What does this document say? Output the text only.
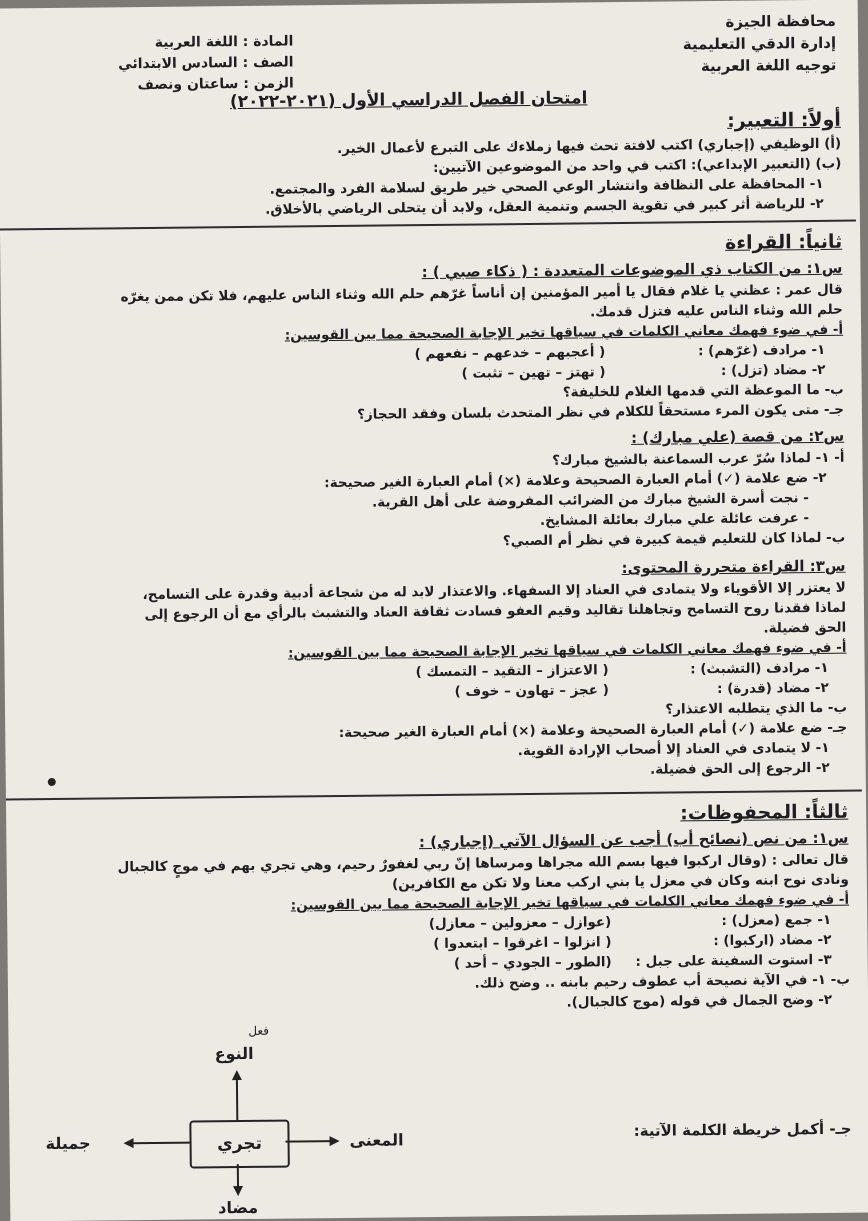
محافظة الجيزة
إدارة الدقي التعليمية
توجيه اللغة العربية
المادة : اللغة العربية
الصف : السادس الابتدائي
الزمن : ساعتان ونصف
امتحان الفصل الدراسي الأول (٢٠٢١-٢٠٢٢)
أولاً: التعبير:
(أ) الوظيفي (إجباري) اكتب لافتة تحث فيها زملاءك على التبرع لأعمال الخير.
(ب) (التعبير الإبداعي): اكتب في واحد من الموضوعين الآتيين:
١- المحافظة على النظافة وانتشار الوعي الصحي خير طريق لسلامة الفرد والمجتمع.
٢- للرياضة أثر كبير في تقوية الجسم وتنمية العقل، ولابد أن يتحلى الرياضي بالأخلاق.
ثانياً: القراءة
س١: من الكتاب ذي الموضوعات المتعددة : ( ذكاء صبي ) :
قال عمر : عظني يا غلام فقال يا أمير المؤمنين إن أناساً غرّهم حلم الله وثناء الناس عليهم، فلا تكن ممن يغرّه
حلم الله وثناء الناس عليه فتزل قدمك.
أ- في ضوء فهمك معاني الكلمات في سياقها تخير الإجابة الصحيحة مما بين القوسين:
١- مرادف (غرّهم) :
( أعجبهم – خدعهم – نفعهم )
٢- مضاد (تزل) :
( تهتز – تهين – تثبت )
ب- ما الموعظة التي قدمها الغلام للخليفة؟
جـ- متى يكون المرء مستحقاً للكلام في نظر المتحدث بلسان وفقد الحجاز؟
س٢: من قصة (علي مبارك) :
أ- ١- لماذا سُرّ عرب السماعنة بالشيخ مبارك؟
٢- ضع علامة (✓) أمام العبارة الصحيحة وعلامة (×) أمام العبارة الغير صحيحة:
- نجت أسرة الشيخ مبارك من الضرائب المفروضة على أهل القرية.
- عرفت عائلة علي مبارك بعائلة المشايخ.
ب- لماذا كان للتعليم قيمة كبيرة في نظر أم الصبي؟
س٣: القراءة متحررة المحتوى:
لا يعتزر إلا الأقوياء ولا يتمادى في العناد إلا السفهاء. والاعتذار لابد له من شجاعة أدبية وقدرة على التسامح،
لماذا فقدنا روح التسامح وتجاهلنا تقاليد وقيم العفو فسادت ثقافة العناد والتشبث بالرأي مع أن الرجوع إلى
الحق فضيلة.
أ- في ضوء فهمك معاني الكلمات في سياقها تخير الإجابة الصحيحة مما بين القوسين:
١- مرادف (التشبث) :
( الاعتزاز – التقيد – التمسك )
٢- مضاد (قدرة) :
( عجز – تهاون – خوف )
ب- ما الذي يتطلبه الاعتذار؟
جـ- ضع علامة (✓) أمام العبارة الصحيحة وعلامة (×) أمام العبارة الغير صحيحة:
١- لا يتمادى في العناد إلا أصحاب الإرادة القوية.
٢- الرجوع إلى الحق فضيلة.
ثالثاً: المحفوظات:
س١: من نص (نصائح أب) أجب عن السؤال الآتي (إجباري) :
قال تعالى : (وقال اركبوا فيها بسم الله مجراها ومرساها إنّ ربي لغفورٌ رحيم، وهي تجري بهم في موجٍ كالجبال
ونادى نوح ابنه وكان في معزل يا بني اركب معنا ولا تكن مع الكافرين)
أ- في ضوء فهمك معاني الكلمات في سياقها تخير الإجابة الصحيحة مما بين القوسين:
١- جمع (معزل) :
(عوازل – معزولين – معازل)
٢- مضاد (اركبوا) :
( انزلوا – اغرقوا – ابتعدوا )
٣- استوت السفينة على جبل :
(الطور – الجودي – أحد )
ب- ١- في الآية نصيحة أب عطوف رحيم بابنه .. وضح ذلك.
٢- وضح الجمال في قوله (موج كالجبال).
جـ- أكمل خريطة الكلمة الآتية:
تجري
النوع
فعل
المعنى
جميلة
مضاد
